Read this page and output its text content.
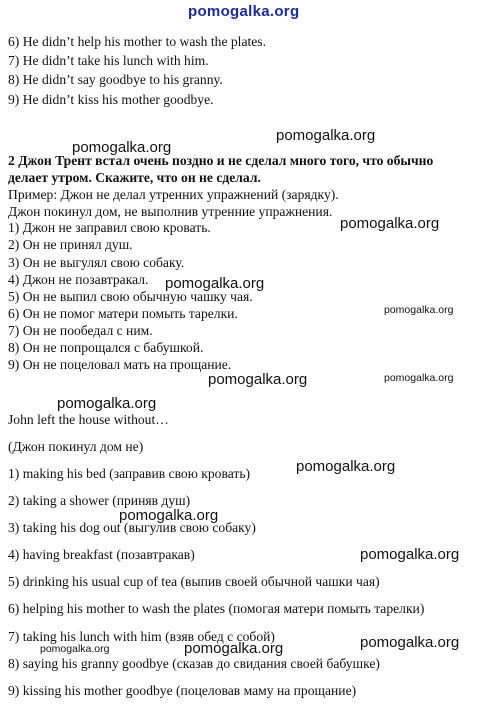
pomogalka.org
6) He didn’t help his mother to wash the plates.
7) He didn’t take his lunch with him.
8) He didn’t say goodbye to his granny.
9) He didn’t kiss his mother goodbye.
2 Джон Трент встал очень поздно и не сделал много того, что обычно
делает утром. Скажите, что он не сделал.
Пример: Джон не делал утренних упражнений (зарядку).
Джон покинул дом, не выполнив утренние упражнения.
1) Джон не заправил свою кровать.
2) Он не принял душ.
3) Он не выгулял свою собаку.
4) Джон не позавтракал.
5) Он не выпил свою обычную чашку чая.
6) Он не помог матери помыть тарелки.
7) Он не пообедал с ним.
8) Он не попрощался с бабушкой.
9) Он не поцеловал мать на прощание.
John left the house without…
(Джон покинул дом не)
1) making his bed (заправив свою кровать)
2) taking a shower (приняв душ)
3) taking his dog out (выгулив свою собаку)
4) having breakfast (позавтракав)
5) drinking his usual cup of tea (выпив своей обычной чашки чая)
6) helping his mother to wash the plates (помогая матери помыть тарелки)
7) taking his lunch with him (взяв обед с собой)
8) saying his granny goodbye (сказав до свидания своей бабушке)
9) kissing his mother goodbye (поцеловав маму на прощание)
pomogalka.org
pomogalka.org
pomogalka.org
pomogalka.org
pomogalka.org
pomogalka.org	pomogalka.org
pomogalka.org
pomogalka.org
pomogalka.org
pomogalka.org
pomogalka.org
pomogalka.org	pomogalka.org
